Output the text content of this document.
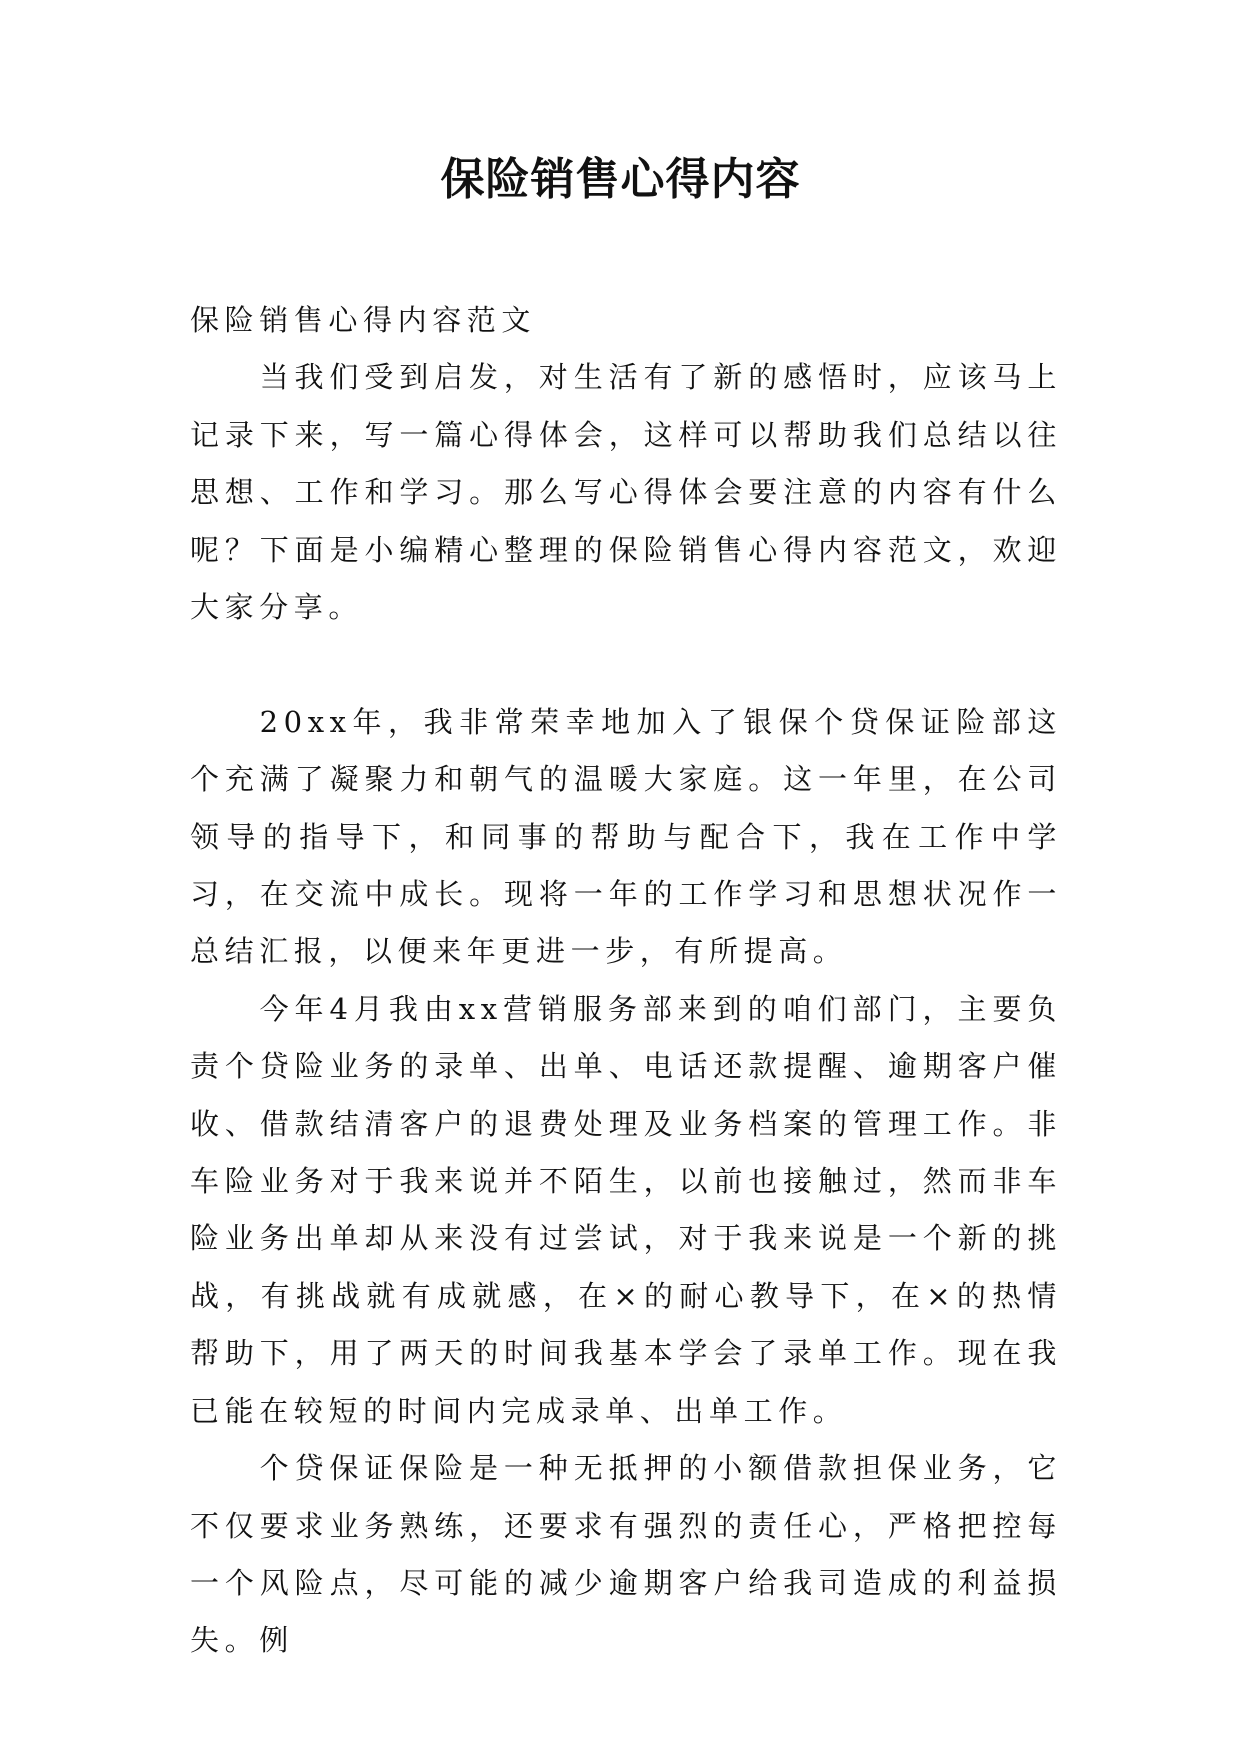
保险销售心得内容

保险销售心得内容范文

当我们受到启发，对生活有了新的感悟时，应该马上记录下来，写一篇心得体会，这样可以帮助我们总结以往思想、工作和学习。那么写心得体会要注意的内容有什么呢？下面是小编精心整理的保险销售心得内容范文，欢迎大家分享。

20xx年，我非常荣幸地加入了银保个贷保证险部这个充满了凝聚力和朝气的温暖大家庭。这一年里，在公司领导的指导下，和同事的帮助与配合下，我在工作中学习，在交流中成长。现将一年的工作学习和思想状况作一总结汇报，以便来年更进一步，有所提高。

今年4月我由xx营销服务部来到的咱们部门，主要负责个贷险业务的录单、出单、电话还款提醒、逾期客户催收、借款结清客户的退费处理及业务档案的管理工作。非车险业务对于我来说并不陌生，以前也接触过，然而非车险业务出单却从来没有过尝试，对于我来说是一个新的挑战，有挑战就有成就感，在×的耐心教导下，在×的热情帮助下，用了两天的时间我基本学会了录单工作。现在我已能在较短的时间内完成录单、出单工作。

个贷保证保险是一种无抵押的小额借款担保业务，它不仅要求业务熟练，还要求有强烈的责任心，严格把控每一个风险点，尽可能的减少逾期客户给我司造成的利益损失。例
